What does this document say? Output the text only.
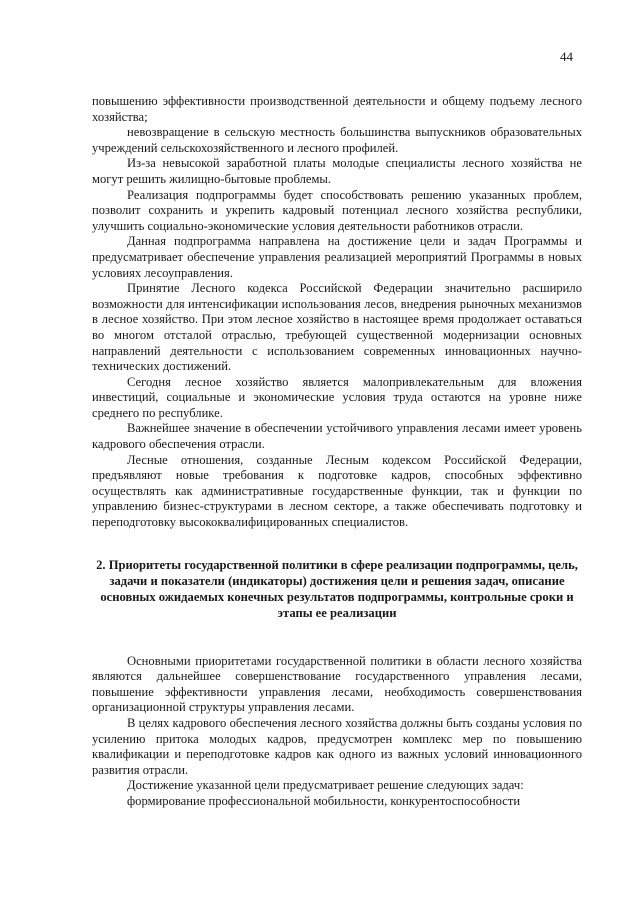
44

повышению эффективности производственной деятельности и общему подъему лесного хозяйства;

невозвращение в сельскую местность большинства выпускников образовательных учреждений сельскохозяйственного и лесного профилей.

Из-за невысокой заработной платы молодые специалисты лесного хозяйства не могут решить жилищно-бытовые проблемы.

Реализация подпрограммы будет способствовать решению указанных проблем, позволит сохранить и укрепить кадровый потенциал лесного хозяйства республики, улучшить социально-экономические условия деятельности работников отрасли.

Данная подпрограмма направлена на достижение цели и задач Программы и предусматривает обеспечение управления реализацией мероприятий Программы в новых условиях лесоуправления.

Принятие Лесного кодекса Российской Федерации значительно расширило возможности для интенсификации использования лесов, внедрения рыночных механизмов в лесное хозяйство. При этом лесное хозяйство в настоящее время продолжает оставаться во многом отсталой отраслью, требующей существенной модернизации основных направлений деятельности с использованием современных инновационных научно-технических достижений.

Сегодня лесное хозяйство является малопривлекательным для вложения инвестиций, социальные и экономические условия труда остаются на уровне ниже среднего по республике.

Важнейшее значение в обеспечении устойчивого управления лесами имеет уровень кадрового обеспечения отрасли.

Лесные отношения, созданные Лесным кодексом Российской Федерации, предъявляют новые требования к подготовке кадров, способных эффективно осуществлять как административные государственные функции, так и функции по управлению бизнес-структурами в лесном секторе, а также обеспечивать подготовку и переподготовку высококвалифицированных специалистов.

2. Приоритеты государственной политики в сфере реализации подпрограммы, цель, задачи и показатели (индикаторы) достижения цели и решения задач, описание основных ожидаемых конечных результатов подпрограммы, контрольные сроки и этапы ее реализации

Основными приоритетами государственной политики в области лесного хозяйства являются дальнейшее совершенствование государственного управления лесами, повышение эффективности управления лесами, необходимость совершенствования организационной структуры управления лесами.

В целях кадрового обеспечения лесного хозяйства должны быть созданы условия по усилению притока молодых кадров, предусмотрен комплекс мер по повышению квалификации и переподготовке кадров как одного из важных условий инновационного развития отрасли.

Достижение указанной цели предусматривает решение следующих задач:

формирование профессиональной мобильности, конкурентоспособности
